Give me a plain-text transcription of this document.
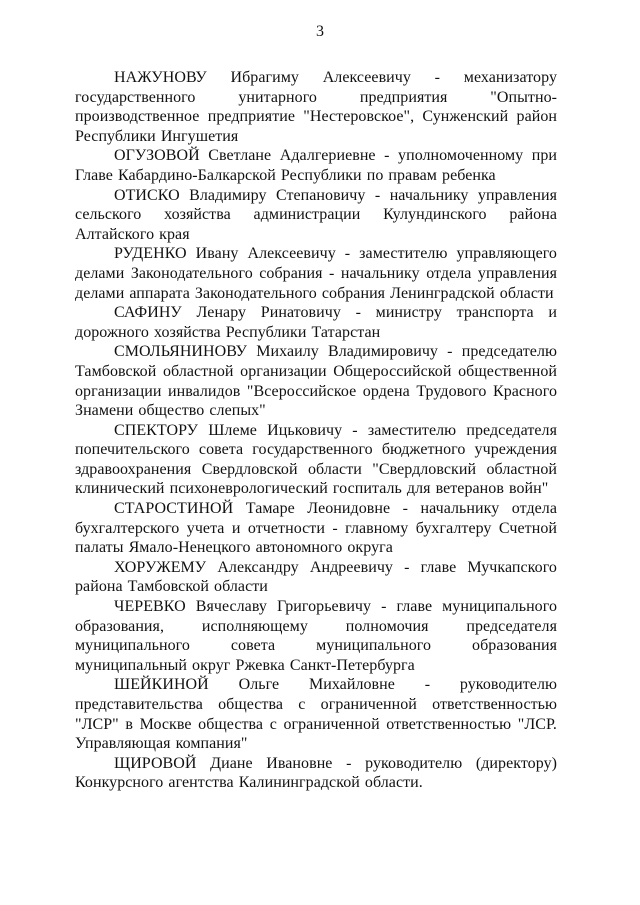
3

НАЖУНОВУ Ибрагиму Алексеевичу - механизатору государственного унитарного предприятия "Опытно-производственное предприятие "Нестеровское", Сунженский район Республики Ингушетия

ОГУЗОВОЙ Светлане Адалгериевне - уполномоченному при Главе Кабардино-Балкарской Республики по правам ребенка

ОТИСКО Владимиру Степановичу - начальнику управления сельского хозяйства администрации Кулундинского района Алтайского края

РУДЕНКО Ивану Алексеевичу - заместителю управляющего делами Законодательного собрания - начальнику отдела управления делами аппарата Законодательного собрания Ленинградской области

САФИНУ Ленару Ринатовичу - министру транспорта и дорожного хозяйства Республики Татарстан

СМОЛЬЯНИНОВУ Михаилу Владимировичу - председателю Тамбовской областной организации Общероссийской общественной организации инвалидов "Всероссийское ордена Трудового Красного Знамени общество слепых"

СПЕКТОРУ Шлеме Ицьковичу - заместителю председателя попечительского совета государственного бюджетного учреждения здравоохранения Свердловской области "Свердловский областной клинический психоневрологический госпиталь для ветеранов войн"

СТАРОСТИНОЙ Тамаре Леонидовне - начальнику отдела бухгалтерского учета и отчетности - главному бухгалтеру Счетной палаты Ямало-Ненецкого автономного округа

ХОРУЖЕМУ Александру Андреевичу - главе Мучкапского района Тамбовской области

ЧЕРЕВКО Вячеславу Григорьевичу - главе муниципального образования, исполняющему полномочия председателя муниципального совета муниципального образования муниципальный округ Ржевка Санкт-Петербурга

ШЕЙКИНОЙ Ольге Михайловне - руководителю представительства общества с ограниченной ответственностью "ЛСР" в Москве общества с ограниченной ответственностью "ЛСР. Управляющая компания"

ЩИРОВОЙ Диане Ивановне - руководителю (директору) Конкурсного агентства Калининградской области.
